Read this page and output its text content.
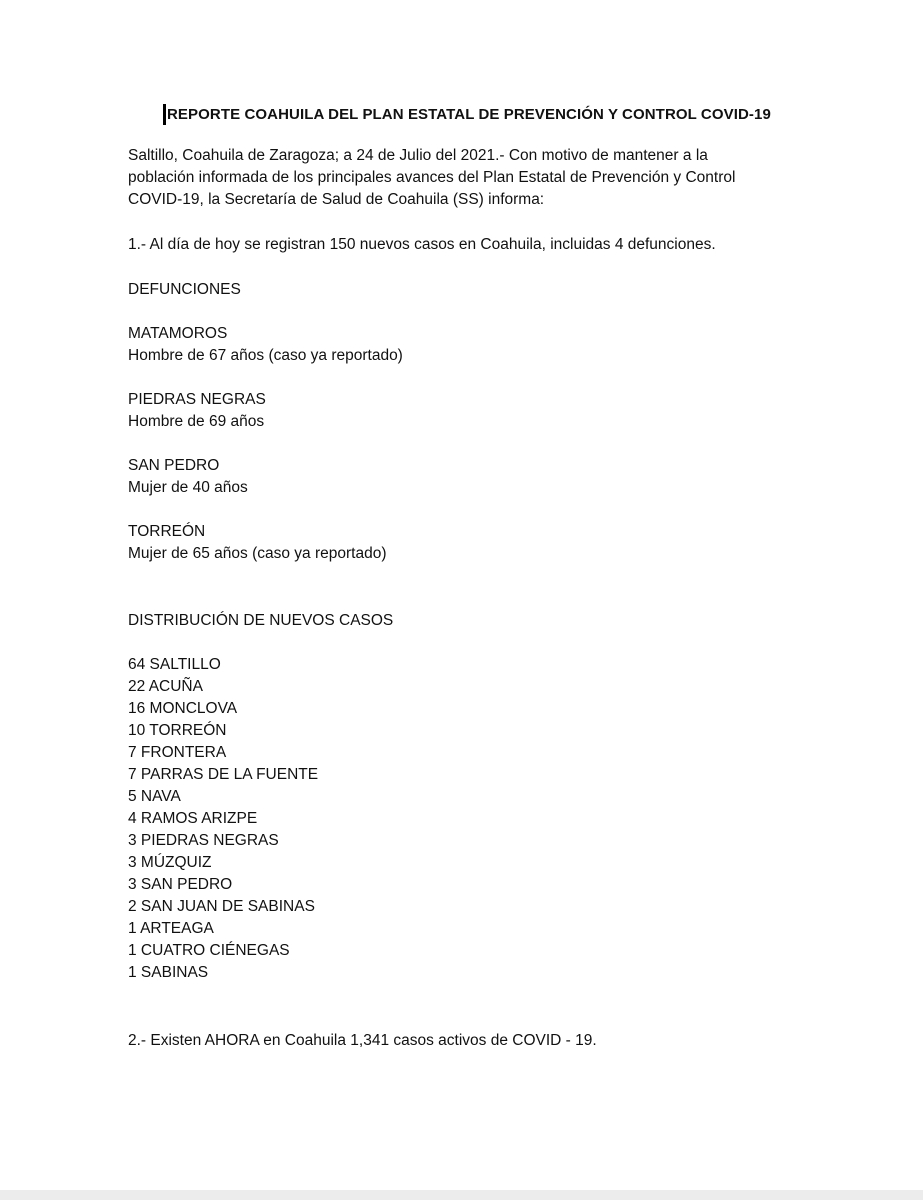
REPORTE COAHUILA DEL PLAN ESTATAL DE PREVENCIÓN Y CONTROL COVID-19
Saltillo, Coahuila de Zaragoza; a 24 de Julio del 2021.- Con motivo de mantener a la
población informada de los principales avances del Plan Estatal de Prevención y Control
COVID-19, la Secretaría de Salud de Coahuila (SS) informa:
1.- Al día de hoy se registran 150 nuevos casos en Coahuila, incluidas 4 defunciones.
DEFUNCIONES
MATAMOROS
Hombre de 67 años (caso ya reportado)
PIEDRAS NEGRAS
Hombre de 69 años
SAN PEDRO
Mujer de 40 años
TORREÓN
Mujer de 65 años (caso ya reportado)
DISTRIBUCIÓN DE NUEVOS CASOS
64 SALTILLO
22 ACUÑA
16 MONCLOVA
10 TORREÓN
7 FRONTERA
7 PARRAS DE LA FUENTE
5 NAVA
4 RAMOS ARIZPE
3 PIEDRAS NEGRAS
3 MÚZQUIZ
3 SAN PEDRO
2 SAN JUAN DE SABINAS
1 ARTEAGA
1 CUATRO CIÉNEGAS
1 SABINAS
2.- Existen AHORA en Coahuila 1,341 casos activos de COVID - 19.
